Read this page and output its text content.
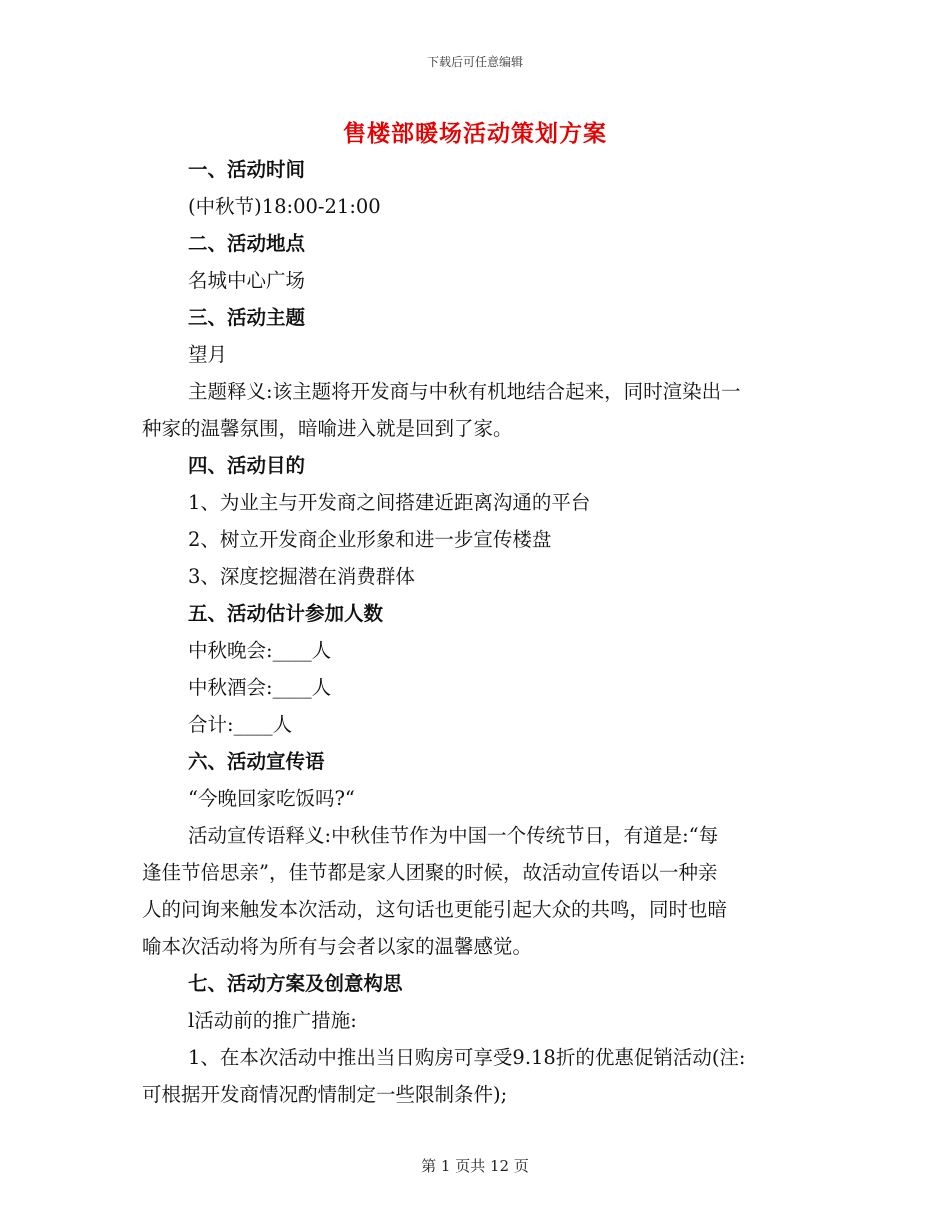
下载后可任意编辑
售楼部暖场活动策划方案
一、活动时间
(中秋节)18:00-21:00
二、活动地点
名城中心广场
三、活动主题
望月
主题释义:该主题将开发商与中秋有机地结合起来，同时渲染出一
种家的温馨氛围，暗喻进入就是回到了家。
四、活动目的
1、为业主与开发商之间搭建近距离沟通的平台
2、树立开发商企业形象和进一步宣传楼盘
3、深度挖掘潜在消费群体
五、活动估计参加人数
中秋晚会:____人
中秋酒会:____人
合计:____人
六、活动宣传语
“今晚回家吃饭吗?“
活动宣传语释义:中秋佳节作为中国一个传统节日，有道是:“每
逢佳节倍思亲”，佳节都是家人团聚的时候，故活动宣传语以一种亲
人的问询来触发本次活动，这句话也更能引起大众的共鸣，同时也暗
喻本次活动将为所有与会者以家的温馨感觉。
七、活动方案及创意构思
l活动前的推广措施:
1、在本次活动中推出当日购房可享受9.18折的优惠促销活动(注:
可根据开发商情况酌情制定一些限制条件);
第 1 页共 12 页
